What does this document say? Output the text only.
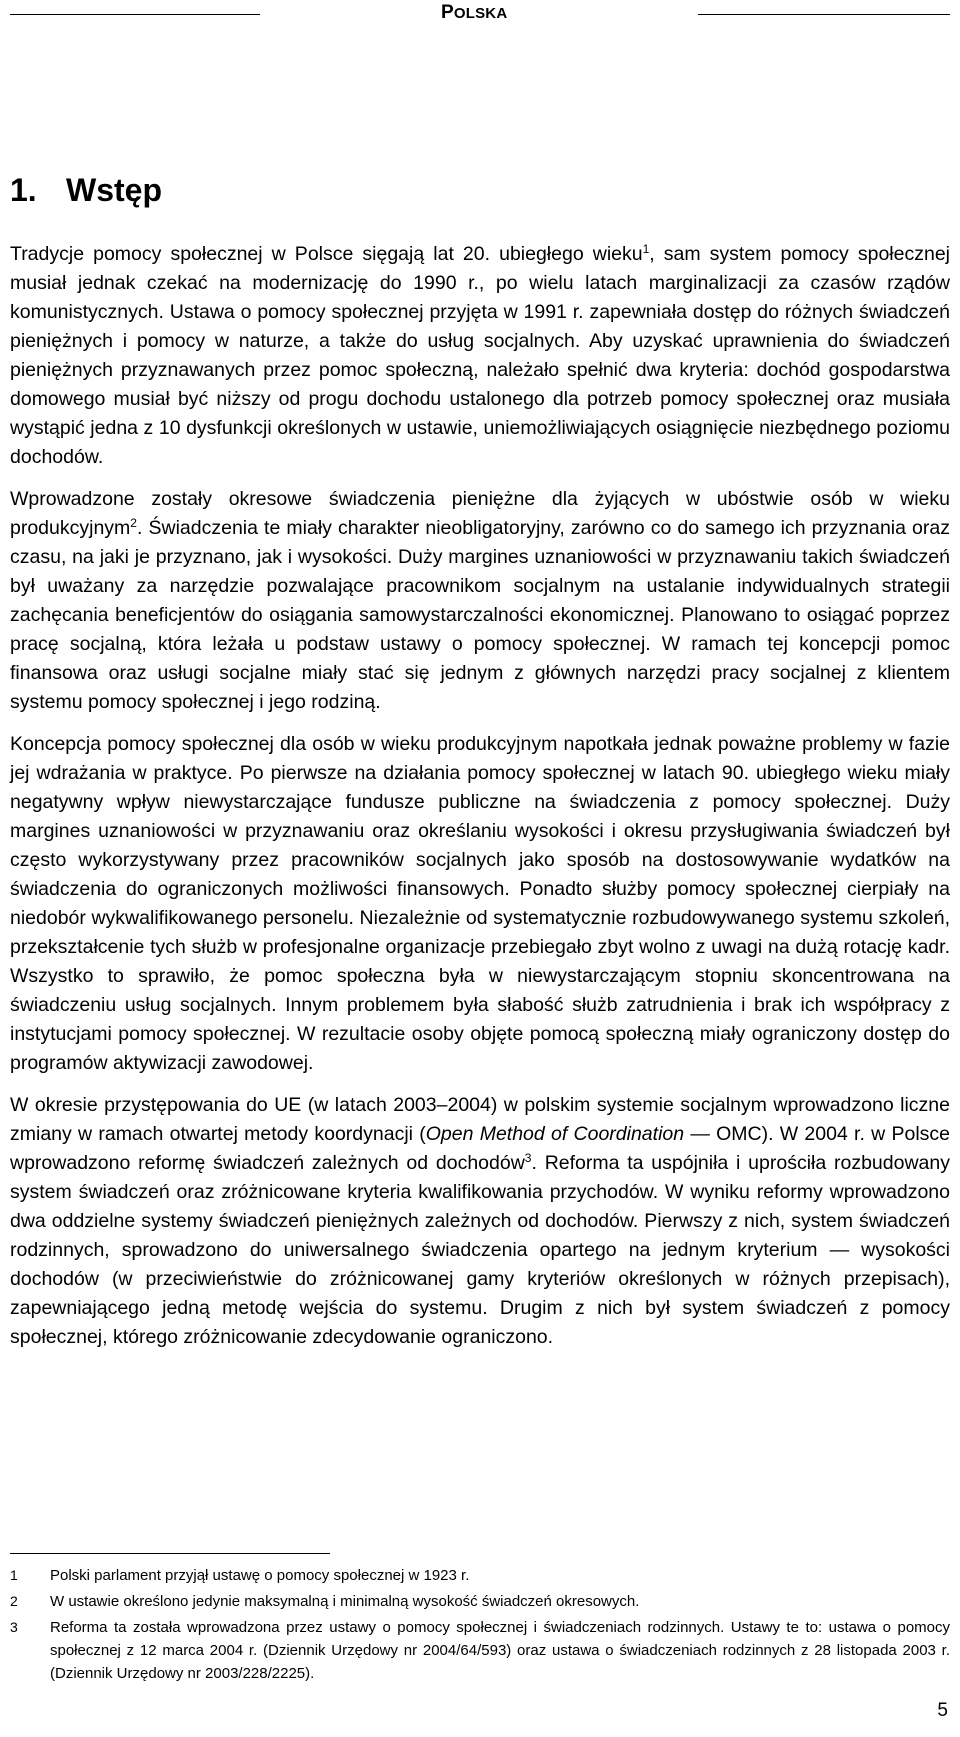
POLSKA
1. Wstęp

Tradycje pomocy społecznej w Polsce sięgają lat 20. ubiegłego wieku$^1$, sam system pomocy społecznej musiał jednak czekać na modernizację do 1990 r., po wielu latach marginalizacji za czasów rządów komunistycznych. Ustawa o pomocy społecznej przyjęta w 1991 r. zapewniała dostęp do różnych świadczeń pieniężnych i pomocy w naturze, a także do usług socjalnych. Aby uzyskać uprawnienia do świadczeń pieniężnych przyznawanych przez pomoc społeczną, należało spełnić dwa kryteria: dochód gospodarstwa domowego musiał być niższy od progu dochodu ustalonego dla potrzeb pomocy społecznej oraz musiała wystąpić jedna z 10 dysfunkcji określonych w ustawie, uniemożliwiających osiągnięcie niezbędnego poziomu dochodów.

Wprowadzone zostały okresowe świadczenia pieniężne dla żyjących w ubóstwie osób w wieku produkcyjnym$^2$. Świadczenia te miały charakter nieobligatoryjny, zarówno co do samego ich przyznania oraz czasu, na jaki je przyznano, jak i wysokości. Duży margines uznaniowości w przyznawaniu takich świadczeń był uważany za narzędzie pozwalające pracownikom socjalnym na ustalanie indywidualnych strategii zachęcania beneficjentów do osiągania samowystarczalności ekonomicznej. Planowano to osiągać poprzez pracę socjalną, która leżała u podstaw ustawy o pomocy społecznej. W ramach tej koncepcji pomoc finansowa oraz usługi socjalne miały stać się jednym z głównych narzędzi pracy socjalnej z klientem systemu pomocy społecznej i jego rodziną.

Koncepcja pomocy społecznej dla osób w wieku produkcyjnym napotkała jednak poważne problemy w fazie jej wdrażania w praktyce. Po pierwsze na działania pomocy społecznej w latach 90. ubiegłego wieku miały negatywny wpływ niewystarczające fundusze publiczne na świadczenia z pomocy społecznej. Duży margines uznaniowości w przyznawaniu oraz określaniu wysokości i okresu przysługiwania świadczeń był często wykorzystywany przez pracowników socjalnych jako sposób na dostosowywanie wydatków na świadczenia do ograniczonych możliwości finansowych. Ponadto służby pomocy społecznej cierpiały na niedobór wykwalifikowanego personelu. Niezależnie od systematycznie rozbudowywanego systemu szkoleń, przekształcenie tych służb w profesjonalne organizacje przebiegało zbyt wolno z uwagi na dużą rotację kadr. Wszystko to sprawiło, że pomoc społeczna była w niewystarczającym stopniu skoncentrowana na świadczeniu usług socjalnych. Innym problemem była słabość służb zatrudnienia i brak ich współpracy z instytucjami pomocy społecznej. W rezultacie osoby objęte pomocą społeczną miały ograniczony dostęp do programów aktywizacji zawodowej.

W okresie przystępowania do UE (w latach 2003–2004) w polskim systemie socjalnym wprowadzono liczne zmiany w ramach otwartej metody koordynacji (Open Method of Coordination — OMC). W 2004 r. w Polsce wprowadzono reformę świadczeń zależnych od dochodów$^3$. Reforma ta uspójniła i uprościła rozbudowany system świadczeń oraz zróżnicowane kryteria kwalifikowania przychodów. W wyniku reformy wprowadzono dwa oddzielne systemy świadczeń pieniężnych zależnych od dochodów. Pierwszy z nich, system świadczeń rodzinnych, sprowadzono do uniwersalnego świadczenia opartego na jednym kryterium — wysokości dochodów (w przeciwieństwie do zróżnicowanej gamy kryteriów określonych w różnych przepisach), zapewniającego jedną metodę wejścia do systemu. Drugim z nich był system świadczeń z pomocy społecznej, którego zróżnicowanie zdecydowanie ograniczono.

1	Polski parlament przyjął ustawę o pomocy społecznej w 1923 r.
2	W ustawie określono jedynie maksymalną i minimalną wysokość świadczeń okresowych.
3	Reforma ta została wprowadzona przez ustawy o pomocy społecznej i świadczeniach rodzinnych. Ustawy te to: ustawa o pomocy społecznej z 12 marca 2004 r. (Dziennik Urzędowy nr 2004/64/593) oraz ustawa o świadczeniach rodzinnych z 28 listopada 2003 r. (Dziennik Urzędowy nr 2003/228/2225).
5
